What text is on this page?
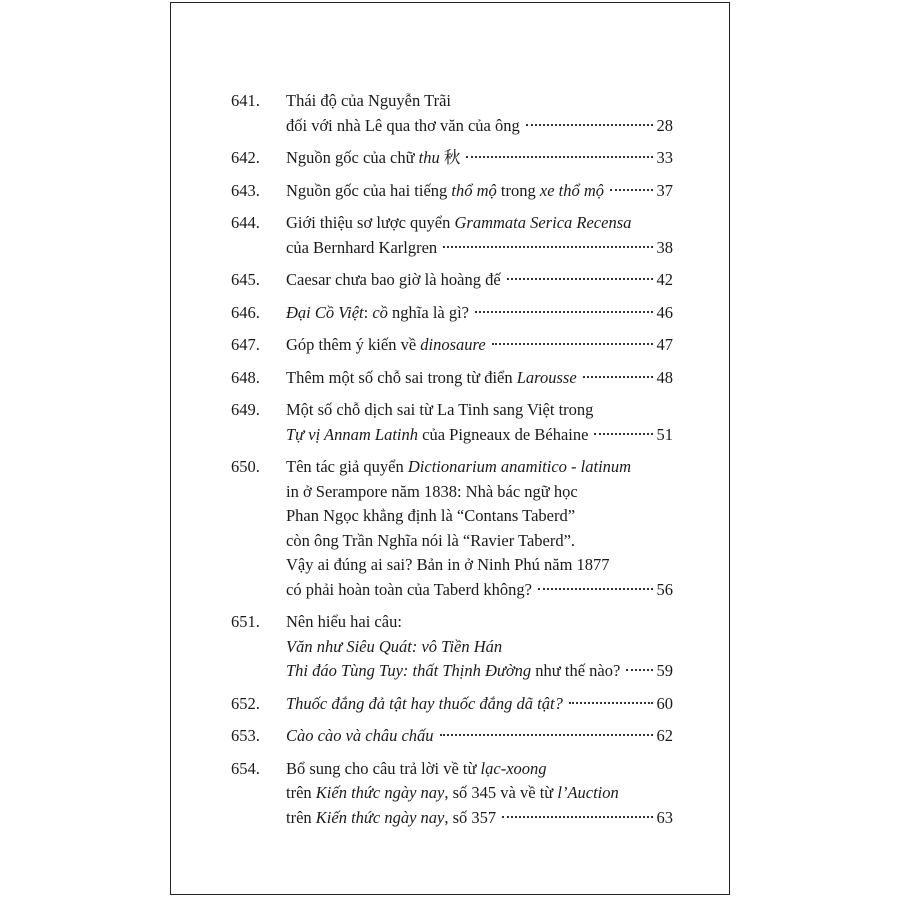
641.	Thái độ của Nguyễn Trãi
đối với nhà Lê qua thơ văn của ông	28
642.	Nguồn gốc của chữ thu 秋	33
643.	Nguồn gốc của hai tiếng thổ mộ trong xe thổ mộ	37
644.	Giới thiệu sơ lược quyển Grammata Serica Recensa
của Bernhard Karlgren	38
645.	Caesar chưa bao giờ là hoàng đế	42
646.	Đại Cồ Việt: cồ nghĩa là gì?	46
647.	Góp thêm ý kiến về dinosaure	47
648.	Thêm một số chỗ sai trong từ điển Larousse	48
649.	Một số chỗ dịch sai từ La Tinh sang Việt trong
Tự vị Annam Latinh của Pigneaux de Béhaine	51
650.	Tên tác giả quyển Dictionarium anamitico - latinum
in ở Serampore năm 1838: Nhà bác ngữ học
Phan Ngọc khẳng định là “Contans Taberd”
còn ông Trần Nghĩa nói là “Ravier Taberd”.
Vậy ai đúng ai sai? Bản in ở Ninh Phú năm 1877
có phải hoàn toàn của Taberd không?	56
651.	Nên hiểu hai câu:
Văn như Siêu Quát: vô Tiền Hán
Thi đáo Tùng Tuy: thất Thịnh Đường như thế nào? 59
652.	Thuốc đắng đả tật hay thuốc đắng dã tật?	60
653.	Cào cào và châu chấu	62
654.	Bổ sung cho câu trả lời về từ lạc-xoong
trên Kiến thức ngày nay, số 345 và về từ l’Auction
trên Kiến thức ngày nay, số 357	63
